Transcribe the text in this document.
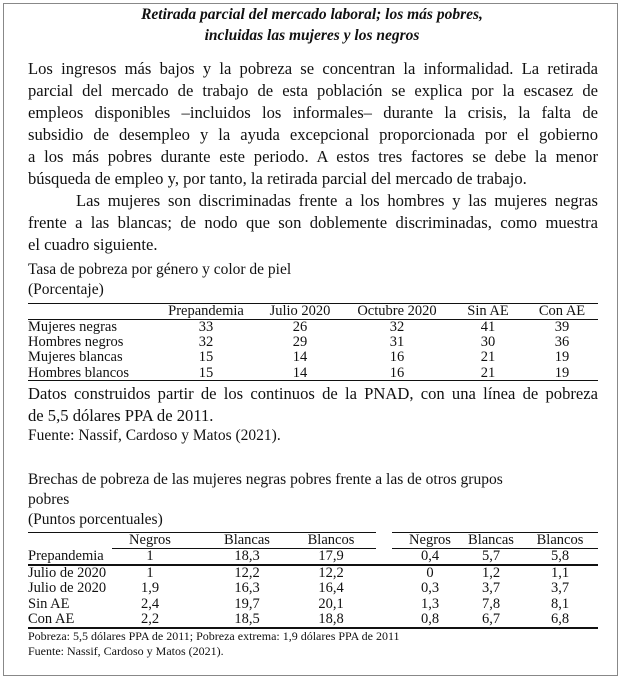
Retirada parcial del mercado laboral; los más pobres,
incluidas las mujeres y los negros
Tasa de pobreza por género y color de piel
(Porcentaje)
Prepandemia Julio 2020 Octubre 2020 Sin AE Con AE
Mujeres negras	33	26	32	41	39
Hombres negros	32	29	31	30	36
Mujeres blancas	15	14	16	21	19
Hombres blancos	15	14	16	21	19
Brechas de pobreza de las mujeres negras pobres frente a las de otros grupos
pobres
(Puntos porcentuales)
Negros	Blancas	Blancos	Negros Blancas Blancos
Prepandemia	1	18,3	17,9	0,4	5,7	5,8
Julio de 2020	1	12,2	12,2	0	1,2	1,1
Julio de 2020 1,9	16,3	16,4	0,3	3,7	3,7
Sin AE	2,4	19,7	20,1	1,3	7,8	8,1
Con AE	2,2	18,5	18,8	0,8	6,7	6,8
Pobreza: 5,5 dólares PPA de 2011; Pobreza extrema: 1,9 dólares PPA de 2011
Fuente: Nassif, Cardoso y Matos (2021).
Los ingresos más bajos y la pobreza se concentran la informalidad. La retirada
parcial del mercado de trabajo de esta población se explica por la escasez de
empleos disponibles –incluidos los informales– durante la crisis, la falta de
subsidio de desempleo y la ayuda excepcional proporcionada por el gobierno
a los más pobres durante este periodo. A estos tres factores se debe la menor
búsqueda de empleo y, por tanto, la retirada parcial del mercado de trabajo.
Las mujeres son discriminadas frente a los hombres y las mujeres negras
frente a las blancas; de nodo que son doblemente discriminadas, como muestra
el cuadro siguiente.
Datos construidos partir de los continuos de la PNAD, con una línea de pobreza
de 5,5 dólares PPA de 2011.
Fuente: Nassif, Cardoso y Matos (2021).
